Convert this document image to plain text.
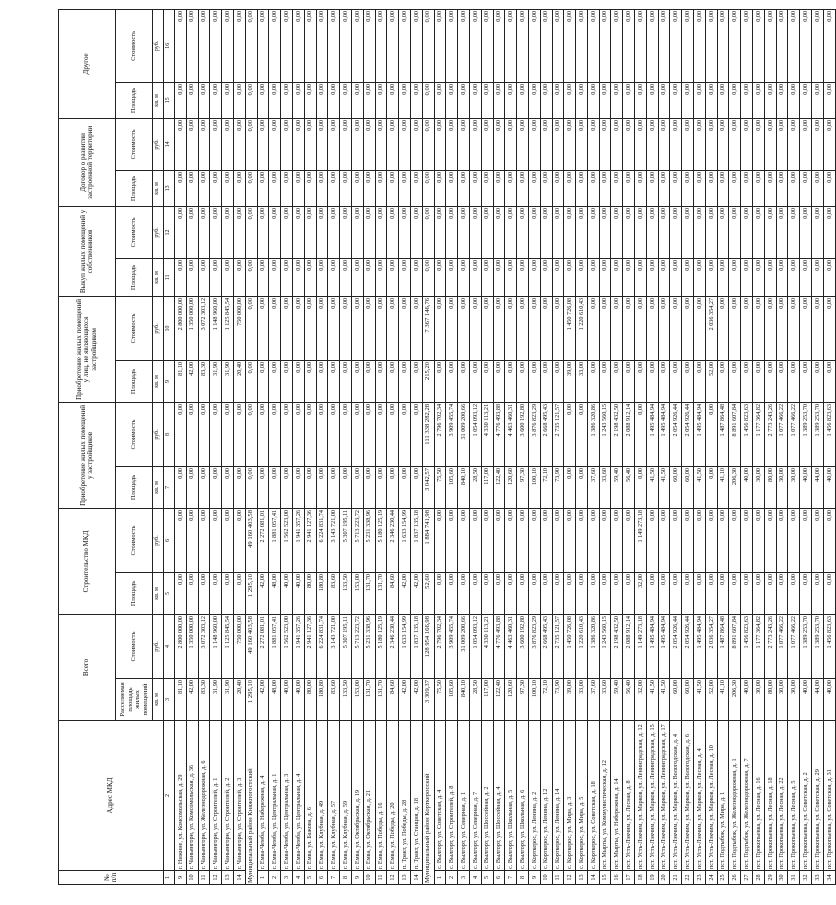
№ п/п	Адрес МКД	Всего		Строительство МКД		Приобретение жилых помещений у застройщиков		Приобретение жилых помещений у лиц, не являющихся застройщиком		Выкуп жилых помещений у собственников		Договор о развитии застроенной территории		Другое	
		Расселяемая площадь жилых помещений	Стоимость	Площадь	Стоимость	Площадь	Стоимость	Площадь	Стоимость	Площадь	Стоимость	Площадь	Стоимость	Площадь	Стоимость
		кв. м	руб.	кв. м	руб.	кв. м	руб.	кв. м	руб.	кв. м	руб.	кв. м	руб.	кв. м	руб.
1	2	3	4	5	6	7	8	9	10	11	12	13	14	15	16
9	г. Нижние, ул. Комсомольская, д. 29	81,10	2 800 000,00	0,00	0,00	0,00	0,00	81,10	2 800 000,00	0,00	0,00	0,00	0,00	0,00	0,00
10	г. Чаньянгорн, ул. Комсомольская, д. 36	42,00	1 350 000,00	0,00	0,00	0,00	0,00	42,00	1 350 000,00	0,00	0,00	0,00	0,00	0,00	0,00
11	г. Чаньянгорн, ул. Железнодорожная, д. 6	83,30	3 072 303,12	0,00	0,00	0,00	0,00	83,30	3 072 303,12	0,00	0,00	0,00	0,00	0,00	0,00
12	г. Чаньянгорн, ул. Строителей, д. 1	31,90	1 148 960,00	0,00	0,00	0,00	0,00	31,90	1 148 960,00	0,00	0,00	0,00	0,00	0,00	0,00
13	г. Чаньянгорн, ул. Строителей, д. 2	31,90	1 125 845,54	0,00	0,00	0,00	0,00	31,90	1 125 845,54	0,00	0,00	0,00	0,00	0,00	0,00
14	г. Чаньянгорн, ул. Строителей, д. 3	20,40	750 000,00	0,00	0,00	0,00	0,00	20,40	750 000,00	0,00	0,00	0,00	0,00	0,00	0,00
Муниципальный район Княжпогостский		1 295,10	49 160 403,58	1 295,10	49 160 403,58	0,00	0,00	0,00	0,00	0,00	0,00	0,00	0,00	0,00	0,00
1	г. Емва-Чемба, ул. Набережная, д. 4	42,00	2 272 081,01	42,00	2 272 081,01	0,00	0,00	0,00	0,00	0,00	0,00	0,00	0,00	0,00	0,00
2	г. Емва-Чемба, ул. Центральная, д. 1	48,00	1 881 057,41	48,00	1 881 057,41	0,00	0,00	0,00	0,00	0,00	0,00	0,00	0,00	0,00	0,00
3	г. Емва-Чемба, ул. Центральная, д. 3	40,00	1 562 523,00	40,00	1 562 523,00	0,00	0,00	0,00	0,00	0,00	0,00	0,00	0,00	0,00	0,00
4	г. Емва-Чемба, ул. Центральная, д. 4	40,00	1 941 357,26	40,00	1 941 357,26	0,00	0,00	0,00	0,00	0,00	0,00	0,00	0,00	0,00	0,00
5	г. Емва, ул. Бажова, д. 6	80,00	2 941 127,36	80,00	2 941 127,36	0,00	0,00	0,00	0,00	0,00	0,00	0,00	0,00	0,00	0,00
6	г. Емва, ул. Клубная, д. 49	180,80	6 224 831,74	180,80	6 224 831,74	0,00	0,00	0,00	0,00	0,00	0,00	0,00	0,00	0,00	0,00
7	г. Емва, ул. Клубная, д. 57	83,60	3 143 721,00	83,60	3 143 721,00	0,00	0,00	0,00	0,00	0,00	0,00	0,00	0,00	0,00	0,00
8	г. Емва, ул. Клубная, д. 59	133,50	5 307 195,11	133,50	5 307 195,11	0,00	0,00	0,00	0,00	0,00	0,00	0,00	0,00	0,00	0,00
9	г. Емва, ул. Октябрьская, д. 19	153,00	5 713 223,72	153,00	5 713 223,72	0,00	0,00	0,00	0,00	0,00	0,00	0,00	0,00	0,00	0,00
10	г. Емва, ул. Октябрьская, д. 21	131,70	5 231 338,96	131,70	5 231 338,96	0,00	0,00	0,00	0,00	0,00	0,00	0,00	0,00	0,00	0,00
11	г. Емва, ул. Победы, д. 16	131,70	5 180 125,19	131,70	5 180 125,19	0,00	0,00	0,00	0,00	0,00	0,00	0,00	0,00	0,00	0,00
12	г. Емва, ул. Победы, д. 20	84,60	2 346 230,44	84,60	2 346 230,44	0,00	0,00	0,00	0,00	0,00	0,00	0,00	0,00	0,00	0,00
13	п. Тракт, ул. Победы, д. 28	42,00	1 633 154,99	42,00	1 633 154,99	0,00	0,00	0,00	0,00	0,00	0,00	0,00	0,00	0,00	0,00
14	п. Тракт, ул. Станция, д. 18	42,00	1 837 135,18	42,00	1 837 135,18	0,00	0,00	0,00	0,00	0,00	0,00	0,00	0,00	0,00	0,00
Муниципальный район Корткеросский		3 309,37	128 954 166,98	52,60	1 884 741,98	3 042,57	111 338 282,28	215,20	7 367 146,76	0,00	0,00	0,00	0,00	0,00	0,00
1	с. Вылгорт, ул. Советская, д. 4	75,50	2 796 702,34	0,00	0,00	75,50	2 796 702,34	0,00	0,00	0,00	0,00	0,00	0,00	0,00	0,00
2	с. Вылгорт, ул. Строителей, д. 8	105,60	3 909 455,74	0,00	0,00	105,60	3 909 455,74	0,00	0,00	0,00	0,00	0,00	0,00	0,00	0,00
3	с. Вылгорт, ул. Северная, д. 1	840,10	31 009 200,66	0,00	0,00	840,10	31 009 200,66	0,00	0,00	0,00	0,00	0,00	0,00	0,00	0,00
4	с. Вылгорт, ул. Северная, д. 7	28,50	1 054 093,12	0,00	0,00	28,50	1 054 093,12	0,00	0,00	0,00	0,00	0,00	0,00	0,00	0,00
5	с. Вылгорт, ул. Шоссейная, д. 2	117,00	4 330 113,21	0,00	0,00	117,00	4 330 113,21	0,00	0,00	0,00	0,00	0,00	0,00	0,00	0,00
6	с. Вылгорт, ул. Шоссейная, д. 4	122,40	4 776 493,88	0,00	0,00	122,40	4 776 493,88	0,00	0,00	0,00	0,00	0,00	0,00	0,00	0,00
7	с. Вылгорт, ул. Школьная, д. 5	120,60	4 463 460,31	0,00	0,00	120,60	4 463 460,31	0,00	0,00	0,00	0,00	0,00	0,00	0,00	0,00
8	с. Вылгорт, ул. Школьная, д. 6	97,30	3 600 192,80	0,00	0,00	97,30	3 600 192,80	0,00	0,00	0,00	0,00	0,00	0,00	0,00	0,00
9	с. Корткерос, ул. Ленина, д. 2	100,10	3 876 823,29	0,00	0,00	100,10	3 876 823,29	0,00	0,00	0,00	0,00	0,00	0,00	0,00	0,00
10	с. Корткерос, ул. Ленина, д. 12	72,10	2 668 495,43	0,00	0,00	72,10	2 668 495,43	0,00	0,00	0,00	0,00	0,00	0,00	0,00	0,00
11	с. Корткерос, ул. Ленина, д. 14	73,90	2 735 121,57	0,00	0,00	73,90	2 735 121,57	0,00	0,00	0,00	0,00	0,00	0,00	0,00	0,00
12	с. Корткерос, ул. Мира, д. 3	39,00	1 450 726,08	0,00	0,00	0,00	0,00	39,00	1 450 726,08	0,00	0,00	0,00	0,00	0,00	0,00
13	с. Корткерос, ул. Мира, д. 5	33,00	1 220 610,43	0,00	0,00	0,00	0,00	33,00	1 220 610,43	0,00	0,00	0,00	0,00	0,00	0,00
14	с. Корткерос, ул. Советская, д. 18	37,60	1 386 320,86	0,00	0,00	37,60	1 386 320,86	0,00	0,00	0,00	0,00	0,00	0,00	0,00	0,00
15	пст. Мырты, ул. Коммунистическая, д. 12	33,60	1 243 560,15	0,00	0,00	33,60	1 243 560,15	0,00	0,00	0,00	0,00	0,00	0,00	0,00	0,00
16	пст. Мырты, ул. Набережная, д. 14	59,40	2 198 432,50	0,00	0,00	59,40	2 198 432,50	0,00	0,00	0,00	0,00	0,00	0,00	0,00	0,00
17	пст. Усть-Лэкчим, ул. Лесная, д. 8	56,40	2 088 912,14	0,00	0,00	56,40	2 088 912,14	0,00	0,00	0,00	0,00	0,00	0,00	0,00	0,00
18	пст. Усть-Лэкчим, ул. Марков, ул. Ленинградская, д. 12	32,00	1 149 273,18	32,00	1 149 273,18	0,00	0,00	0,00	0,00	0,00	0,00	0,00	0,00	0,00	0,00
19	пст. Усть-Лэкчим, ул. Марков, ул. Ленинградская, д. 15	41,50	1 495 484,94	0,00	0,00	41,50	1 495 484,94	0,00	0,00	0,00	0,00	0,00	0,00	0,00	0,00
20	пст. Усть-Лэкчим, ул. Марков, ул. Ленинградская, д. 17	41,50	1 495 484,94	0,00	0,00	41,50	1 495 484,94	0,00	0,00	0,00	0,00	0,00	0,00	0,00	0,00
21	пст. Усть-Лэкчим, ул. Марков, ул. Вологодская, д. 4	60,00	2 054 926,44	0,00	0,00	60,00	2 054 926,44	0,00	0,00	0,00	0,00	0,00	0,00	0,00	0,00
22	пст. Усть-Лэкчим, ул. Марков, ул. Вологодская, д. 6	60,00	2 054 926,44	0,00	0,00	60,00	2 054 926,44	0,00	0,00	0,00	0,00	0,00	0,00	0,00	0,00
23	пст. Усть-Лэкчим, ул. Марков, ул. Лесная, д. 4	41,50	1 495 484,94	0,00	0,00	41,50	1 495 484,94	0,00	0,00	0,00	0,00	0,00	0,00	0,00	0,00
24	пст. Усть-Лэкчим, ул. Марков, ул. Лесная, д. 10	52,00	2 036 354,27	0,00	0,00	0,00	0,00	52,00	2 036 354,27	0,00	0,00	0,00	0,00	0,00	0,00
25	пст. Подтыбок, ул. Мира, д. 1	41,10	1 487 864,48	0,00	0,00	41,10	1 487 864,48	0,00	0,00	0,00	0,00	0,00	0,00	0,00	0,00
26	пст. Подтыбок, ул. Железнодорожная, д. 1	206,30	8 891 607,84	0,00	0,00	206,30	8 891 607,84	0,00	0,00	0,00	0,00	0,00	0,00	0,00	0,00
27	пст. Подтыбок, ул. Железнодорожная, д. 7	40,00	1 456 823,63	0,00	0,00	40,00	1 456 823,63	0,00	0,00	0,00	0,00	0,00	0,00	0,00	0,00
28	пст. Прокопьевка, ул. Лесная, д. 16	30,00	1 177 364,82	0,00	0,00	30,00	1 177 364,82	0,00	0,00	0,00	0,00	0,00	0,00	0,00	0,00
29	пст. Прокопьевка, ул. Лесная, д. 18	80,00	2 773 243,26	0,00	0,00	80,00	2 773 243,26	0,00	0,00	0,00	0,00	0,00	0,00	0,00	0,00
30	пст. Прокопьевка, ул. Лесная, д. 22	30,00	1 077 466,22	0,00	0,00	30,00	1 077 466,22	0,00	0,00	0,00	0,00	0,00	0,00	0,00	0,00
31	пст. Прокопьевка, ул. Лесная, д. 5	30,00	1 077 466,22	0,00	0,00	30,00	1 077 466,22	0,00	0,00	0,00	0,00	0,00	0,00	0,00	0,00
32	пст. Прокопьевка, ул. Советская, д. 2	40,00	1 389 253,70	0,00	0,00	40,00	1 389 253,70	0,00	0,00	0,00	0,00	0,00	0,00	0,00	0,00
33	пст. Прокопьевка, ул. Советская, д. 29	44,00	1 389 253,70	0,00	0,00	44,00	1 389 253,70	0,00	0,00	0,00	0,00	0,00	0,00	0,00	0,00
34	пст. Прокопьевка, ул. Советская, д. 31	40,00	1 456 823,63	0,00	0,00	40,00	1 456 823,63	0,00	0,00	0,00	0,00	0,00	0,00	0,00	0,00
